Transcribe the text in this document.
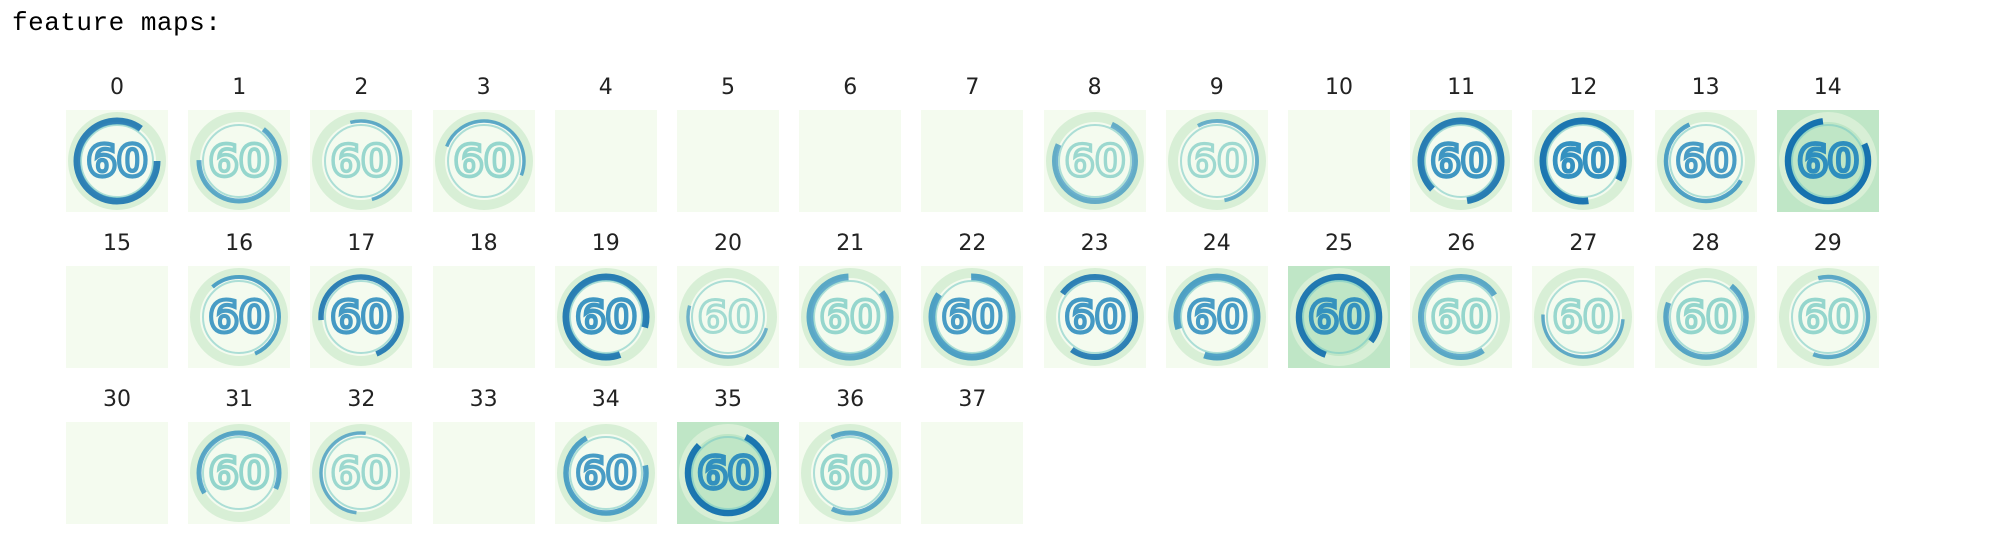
feature maps:
0
60
1
60
2
60
3
60
4	5	6	7	8
60
9
60
10	11
60
12
60
13
60
14
60
15	16
60
17
60
18	19
60
20
60
21
60
22
60
23
60
24
60
25
60
26
60
27
60
28
60
29
60
30	31
60
32
60
33	34
60
35
60
36
60
37
